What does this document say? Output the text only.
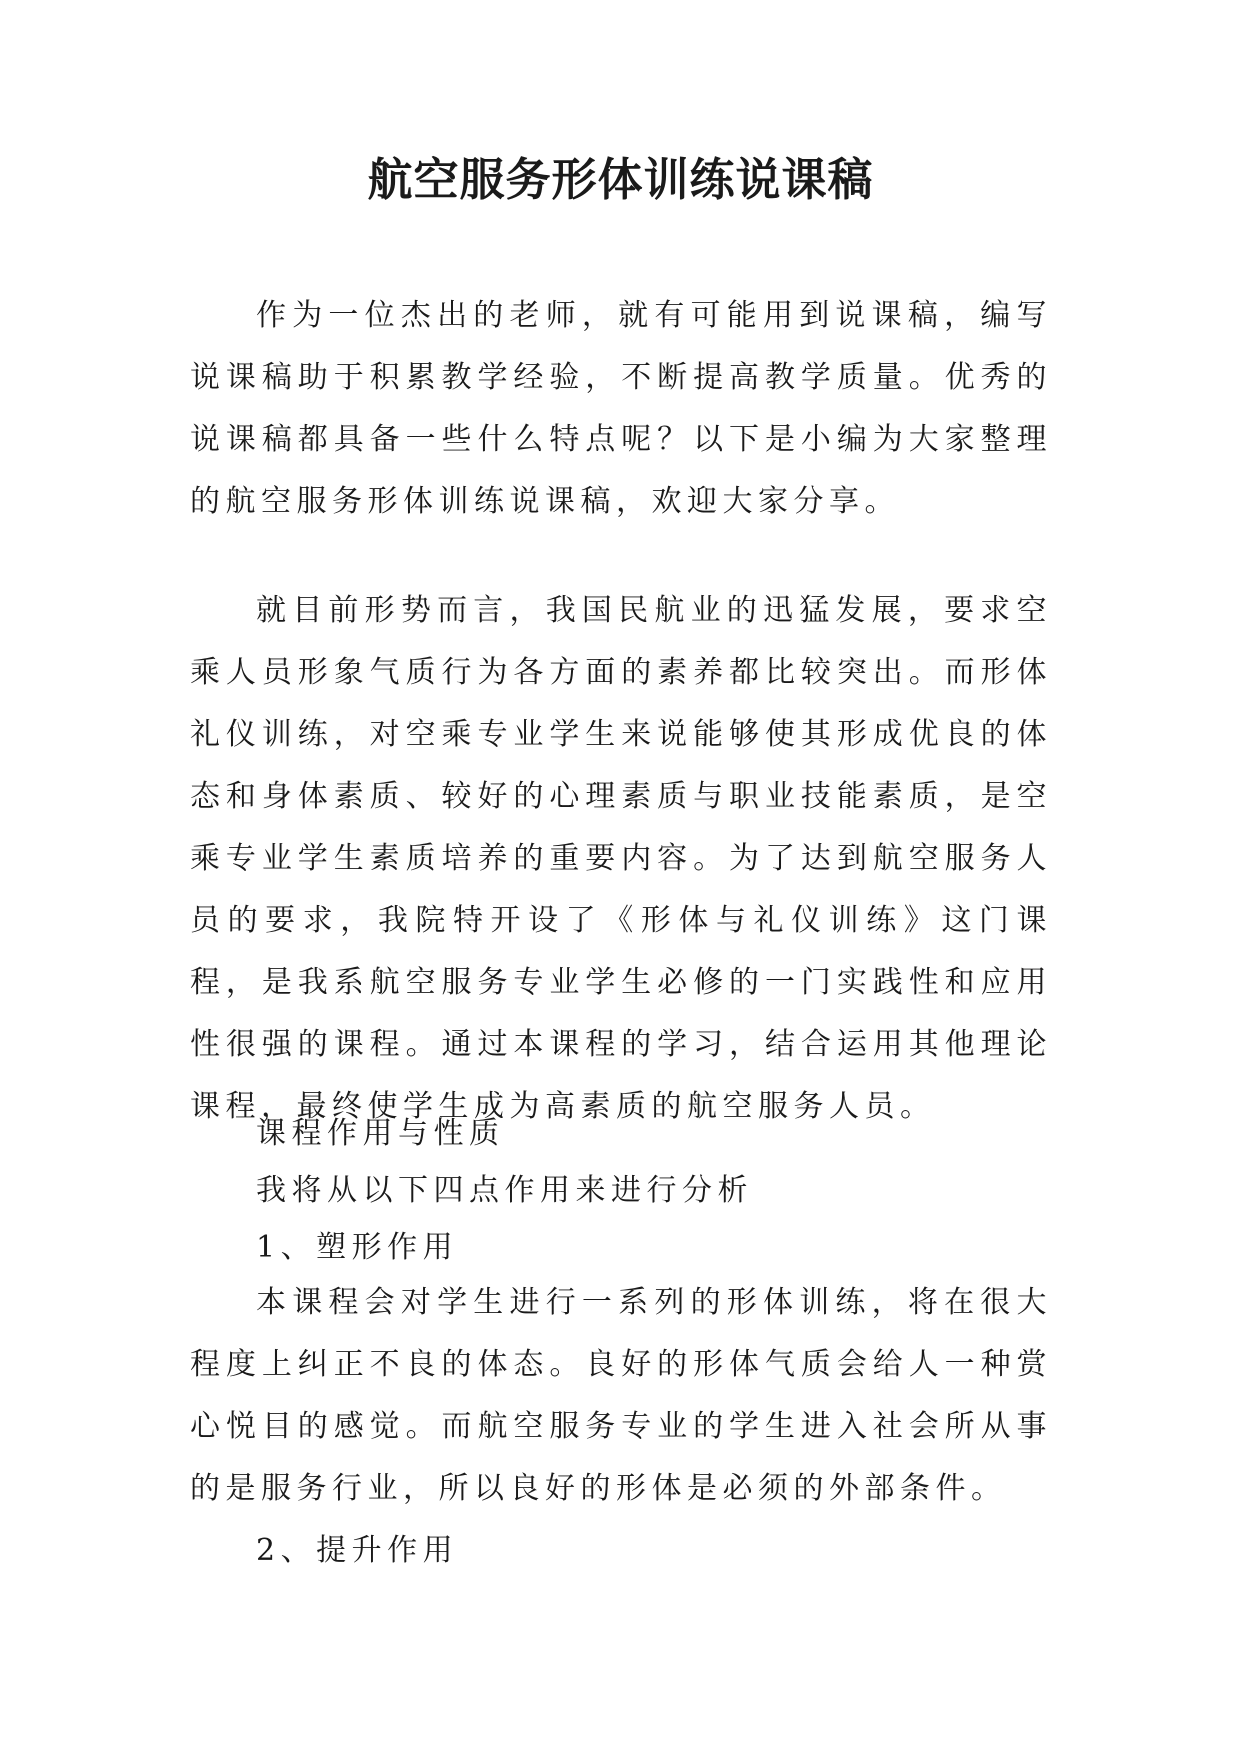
航空服务形体训练说课稿

作为一位杰出的老师，就有可能用到说课稿，编写说课稿助于积累教学经验，不断提高教学质量。优秀的说课稿都具备一些什么特点呢？以下是小编为大家整理的航空服务形体训练说课稿，欢迎大家分享。

就目前形势而言，我国民航业的迅猛发展，要求空乘人员形象气质行为各方面的素养都比较突出。而形体礼仪训练，对空乘专业学生来说能够使其形成优良的体态和身体素质、较好的心理素质与职业技能素质，是空乘专业学生素质培养的重要内容。为了达到航空服务人员的要求，我院特开设了《形体与礼仪训练》这门课程，是我系航空服务专业学生必修的一门实践性和应用性很强的课程。通过本课程的学习，结合运用其他理论课程，最终使学生成为高素质的航空服务人员。

课程作用与性质

我将从以下四点作用来进行分析

1、塑形作用

本课程会对学生进行一系列的形体训练，将在很大程度上纠正不良的体态。良好的形体气质会给人一种赏心悦目的感觉。而航空服务专业的学生进入社会所从事的是服务行业，所以良好的形体是必须的外部条件。

2、提升作用
